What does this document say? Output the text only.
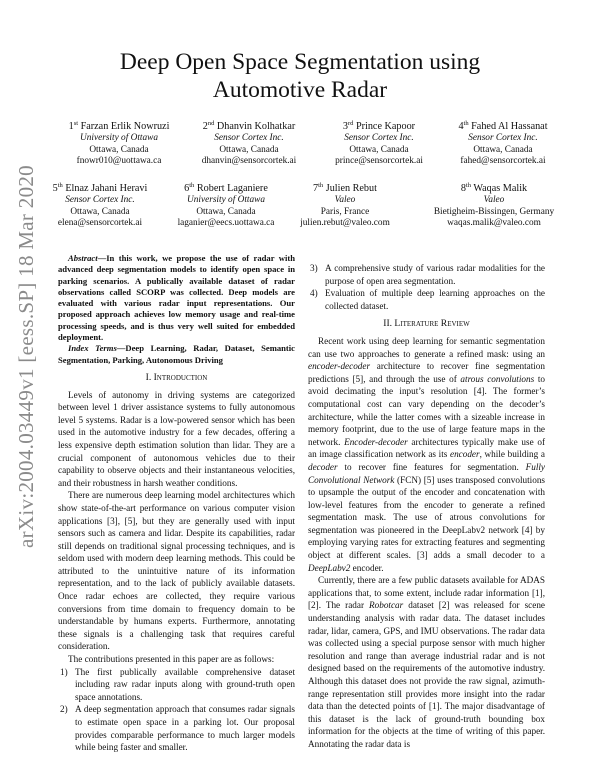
arXiv:2004.03449v1 [eess.SP] 18 Mar 2020
Deep Open Space Segmentation using
Automotive Radar
1st Farzan Erlik Nowruzi
University of Ottawa
Ottawa, Canada
fnowr010@uottawa.ca
2nd Dhanvin Kolhatkar
Sensor Cortex Inc.
Ottawa, Canada
dhanvin@sensorcortek.ai
3rd Prince Kapoor
Sensor Cortex Inc.
Ottawa, Canada
prince@sensorcortek.ai
4th Fahed Al Hassanat
Sensor Cortex Inc.
Ottawa, Canada
fahed@sensorcortek.ai
5th Elnaz Jahani Heravi
Sensor Cortex Inc.
Ottawa, Canada
elena@sensorcortek.ai
6th Robert Laganiere
University of Ottawa
Ottawa, Canada
laganier@eecs.uottawa.ca
7th Julien Rebut
Valeo
Paris, France
julien.rebut@valeo.com
8th Waqas Malik
Valeo
Bietigheim-Bissingen, Germany
waqas.malik@valeo.com

Abstract—In this work, we propose the use of radar with advanced deep segmentation models to identify open space in parking scenarios. A publically available dataset of radar observations called SCORP was collected. Deep models are evaluated with various radar input representations. Our proposed approach achieves low memory usage and real-time processing speeds, and is thus very well suited for embedded deployment.

Index Terms—Deep Learning, Radar, Dataset, Semantic Segmentation, Parking, Autonomous Driving

I. Introduction

Levels of autonomy in driving systems are categorized between level 1 driver assistance systems to fully autonomous level 5 systems. Radar is a low-powered sensor which has been used in the automotive industry for a few decades, offering a less expensive depth estimation solution than lidar. They are a crucial component of autonomous vehicles due to their capability to observe objects and their instantaneous velocities, and their robustness in harsh weather conditions.

There are numerous deep learning model architectures which show state-of-the-art performance on various computer vision applications [3], [5], but they are generally used with input sensors such as camera and lidar. Despite its capabilities, radar still depends on traditional signal processing techniques, and is seldom used with modern deep learning methods. This could be attributed to the unintuitive nature of its information representation, and to the lack of publicly available datasets. Once radar echoes are collected, they require various conversions from time domain to frequency domain to be understandable by humans experts. Furthermore, annotating these signals is a challenging task that requires careful consideration.

The contributions presented in this paper are as follows:

1) The first publically available comprehensive dataset including raw radar inputs along with ground-truth open space annotations.
2) A deep segmentation approach that consumes radar signals to estimate open space in a parking lot. Our proposal provides comparable performance to much larger models while being faster and smaller.
3) A comprehensive study of various radar modalities for the purpose of open area segmentation.
4) Evaluation of multiple deep learning approaches on the collected dataset.
II. Literature Review

Recent work using deep learning for semantic segmentation can use two approaches to generate a refined mask: using an encoder-decoder architecture to recover fine segmentation predictions [5], and through the use of atrous convolutions to avoid decimating the input’s resolution [4]. The former’s computational cost can vary depending on the decoder’s architecture, while the latter comes with a sizeable increase in memory footprint, due to the use of large feature maps in the network. Encoder-decoder architectures typically make use of an image classification network as its encoder, while building a decoder to recover fine features for segmentation. Fully Convolutional Network (FCN) [5] uses transposed convolutions to upsample the output of the encoder and concatenation with low-level features from the encoder to generate a refined segmentation mask. The use of atrous convolutions for segmentation was pioneered in the DeepLabv2 network [4] by employing varying rates for extracting features and segmenting object at different scales. [3] adds a small decoder to a DeepLabv2 encoder.

Currently, there are a few public datasets available for ADAS applications that, to some extent, include radar information [1], [2]. The radar Robotcar dataset [2] was released for scene understanding analysis with radar data. The dataset includes radar, lidar, camera, GPS, and IMU observations. The radar data was collected using a special purpose sensor with much higher resolution and range than average industrial radar and is not designed based on the requirements of the automotive industry. Although this dataset does not provide the raw signal, azimuth-range representation still provides more insight into the radar data than the detected points of [1]. The major disadvantage of this dataset is the lack of ground-truth bounding box information for the objects at the time of writing of this paper. Annotating the radar data is
